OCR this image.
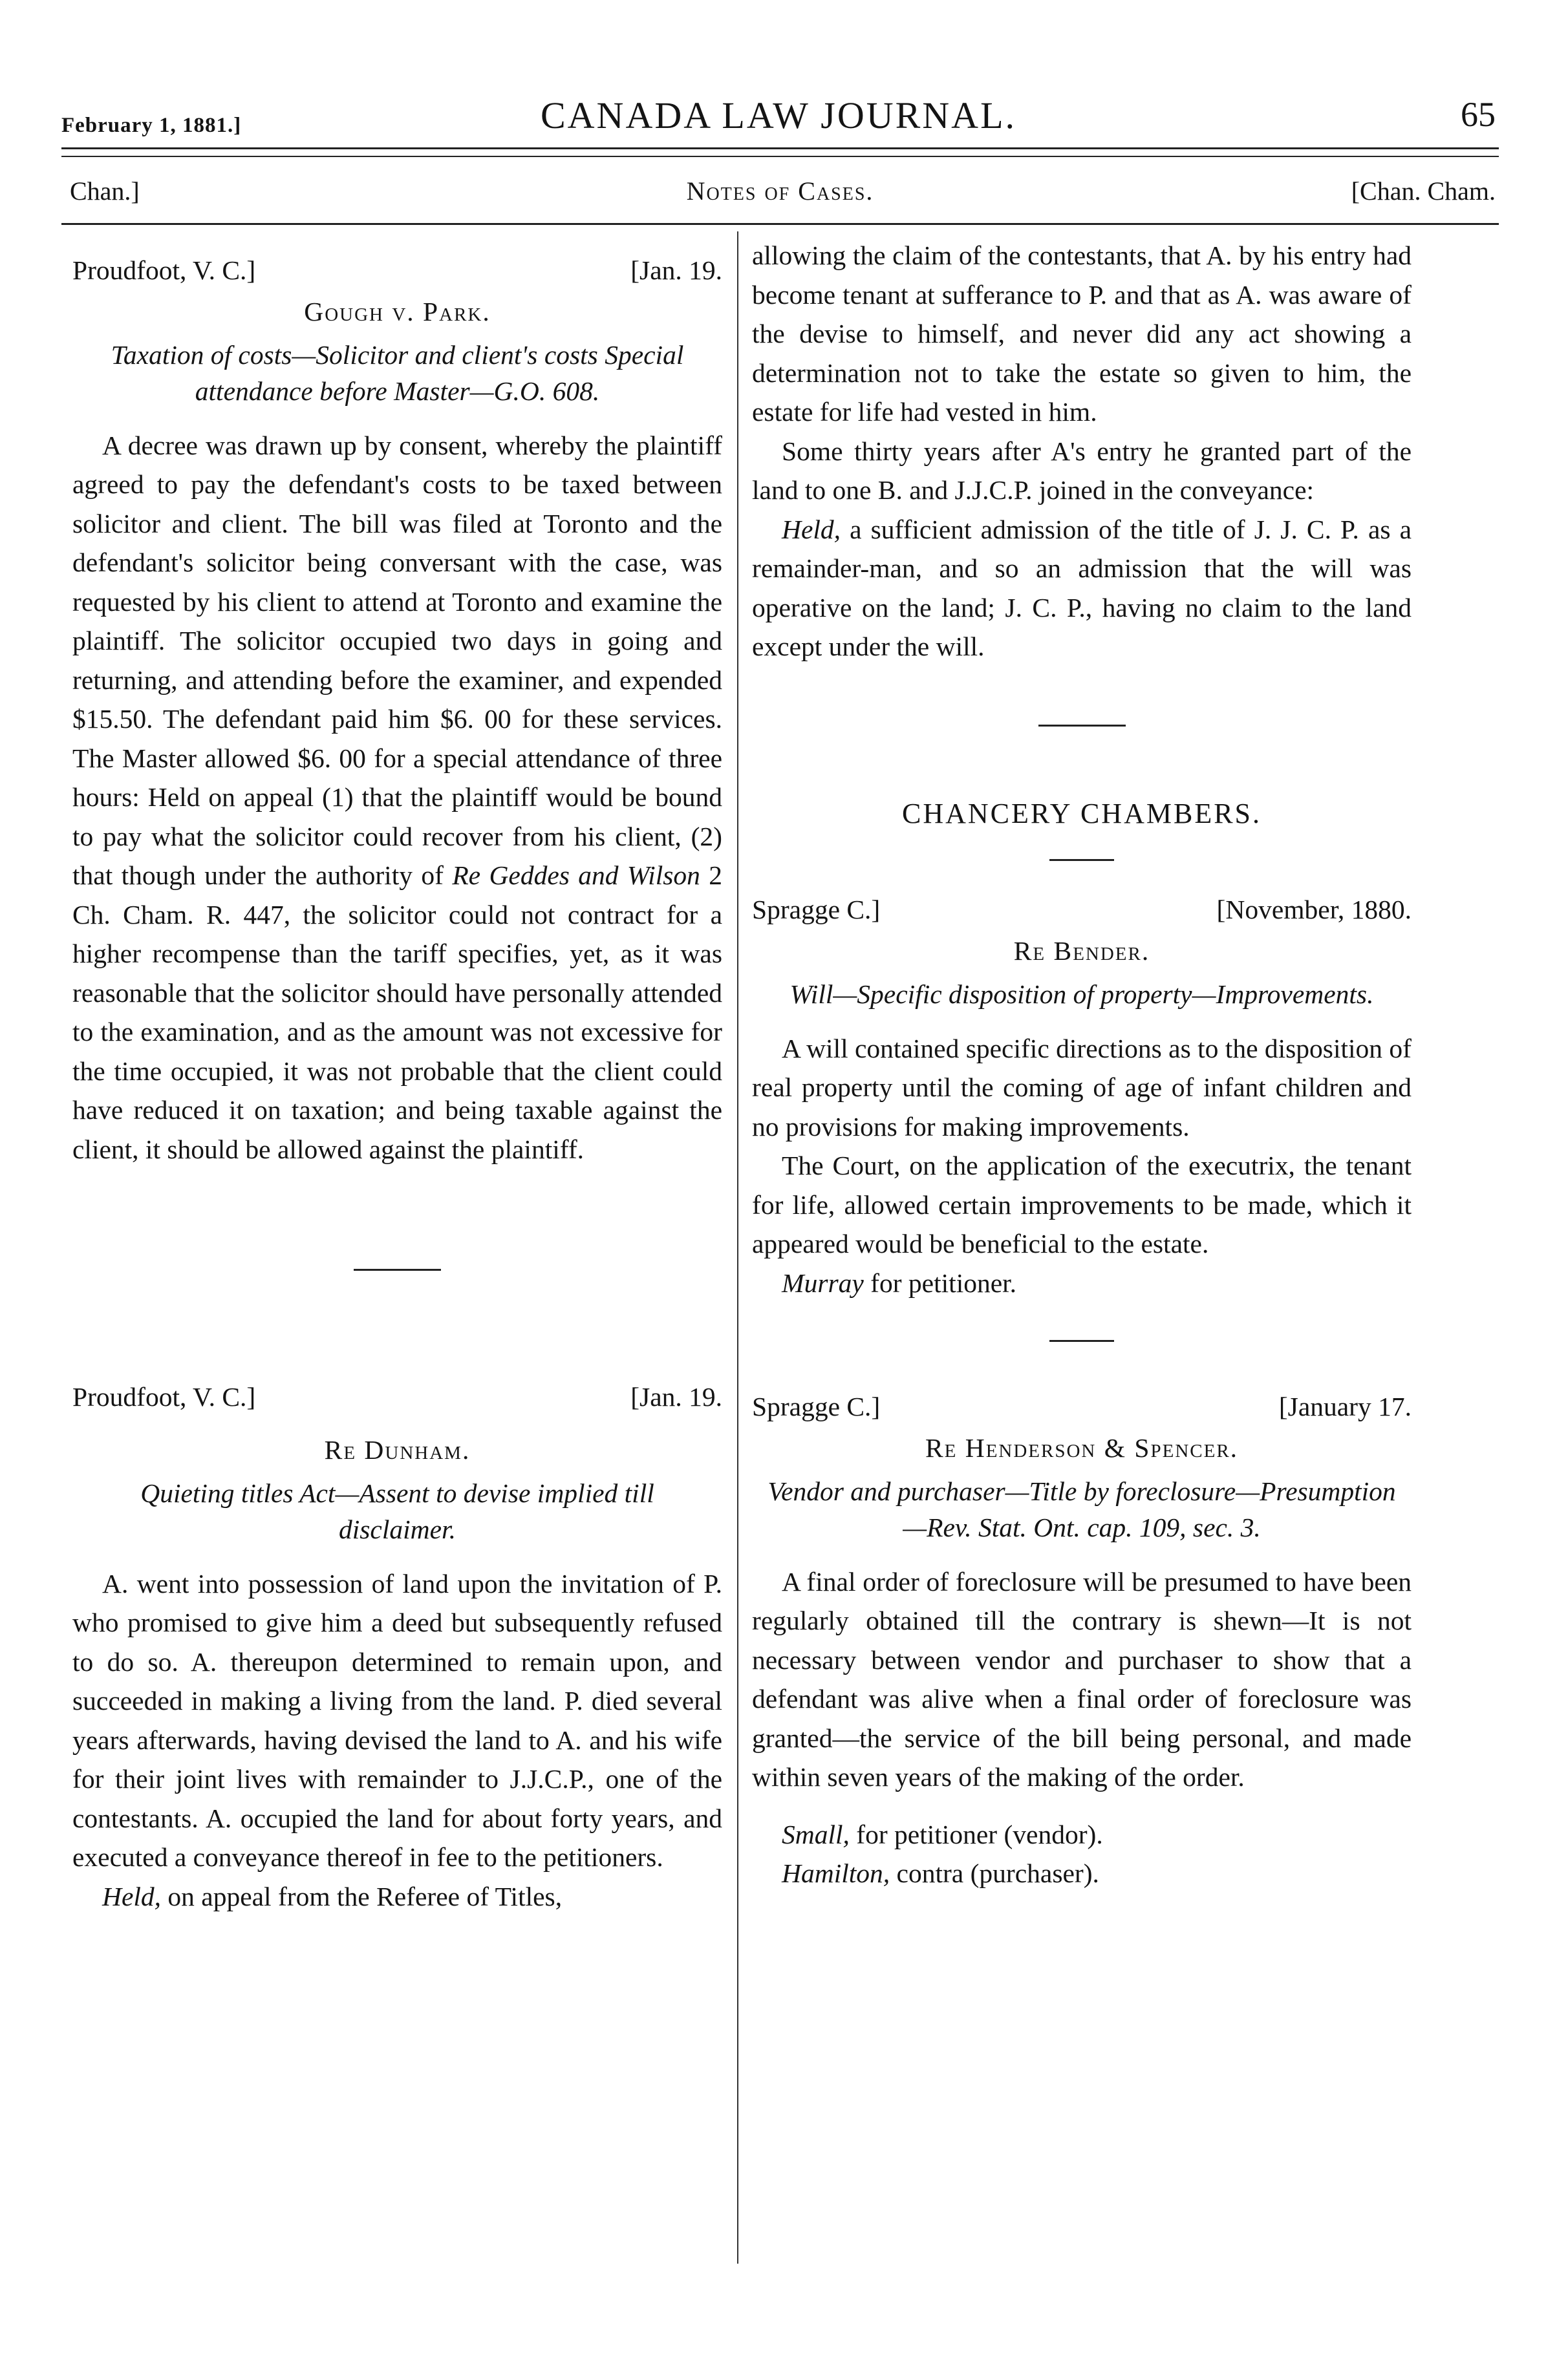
February 1, 1881.]	CANADA LAW JOURNAL.	65
Chan.]	Notes of Cases.	[Chan. Cham.
Proudfoot, V. C.]	[Jan. 19.
Gough v. Park.
Taxation of costs—Solicitor and client's costs Special attendance before Master—G.O. 608.

A decree was drawn up by consent, whereby the plaintiff agreed to pay the defendant's costs to be taxed between solicitor and client. The bill was filed at Toronto and the defendant's solicitor being conversant with the case, was requested by his client to attend at Toronto and examine the plaintiff. The solicitor occupied two days in going and returning, and attending before the examiner, and expended $15.50. The defendant paid him $6. 00 for these services. The Master allowed $6. 00 for a special attendance of three hours: Held on appeal (1) that the plaintiff would be bound to pay what the solicitor could recover from his client, (2) that though under the authority of Re Geddes and Wilson 2 Ch. Cham. R. 447, the solicitor could not contract for a higher recompense than the tariff specifies, yet, as it was reasonable that the solicitor should have personally attended to the examination, and as the amount was not excessive for the time occupied, it was not probable that the client could have reduced it on taxation; and being taxable against the client, it should be allowed against the plaintiff.

Proudfoot, V. C.]	[Jan. 19.
Re Dunham.
Quieting titles Act—Assent to devise implied till disclaimer.

A. went into possession of land upon the invitation of P. who promised to give him a deed but subsequently refused to do so. A. thereupon determined to remain upon, and succeeded in making a living from the land. P. died several years afterwards, having devised the land to A. and his wife for their joint lives with remainder to J.J.C.P., one of the contestants. A. occupied the land for about forty years, and executed a conveyance thereof in fee to the petitioners.

Held, on appeal from the Referee of Titles,

allowing the claim of the contestants, that A. by his entry had become tenant at sufferance to P. and that as A. was aware of the devise to himself, and never did any act showing a determination not to take the estate so given to him, the estate for life had vested in him.

Some thirty years after A's entry he granted part of the land to one B. and J.J.C.P. joined in the conveyance:

Held, a sufficient admission of the title of J. J. C. P. as a remainder-man, and so an admission that the will was operative on the land; J. C. P., having no claim to the land except under the will.

CHANCERY CHAMBERS.
Spragge C.]	[November, 1880.
Re Bender.
Will—Specific disposition of property—Improvements.

A will contained specific directions as to the disposition of real property until the coming of age of infant children and no provisions for making improvements.

The Court, on the application of the executrix, the tenant for life, allowed certain improvements to be made, which it appeared would be beneficial to the estate.

Murray for petitioner.

Spragge C.]	[January 17.
Re Henderson & Spencer.
Vendor and purchaser—Title by foreclosure—Presumption—Rev. Stat. Ont. cap. 109, sec. 3.

A final order of foreclosure will be presumed to have been regularly obtained till the contrary is shewn—It is not necessary between vendor and purchaser to show that a defendant was alive when a final order of foreclosure was granted—the service of the bill being personal, and made within seven years of the making of the order.

Small, for petitioner (vendor).

Hamilton, contra (purchaser).
